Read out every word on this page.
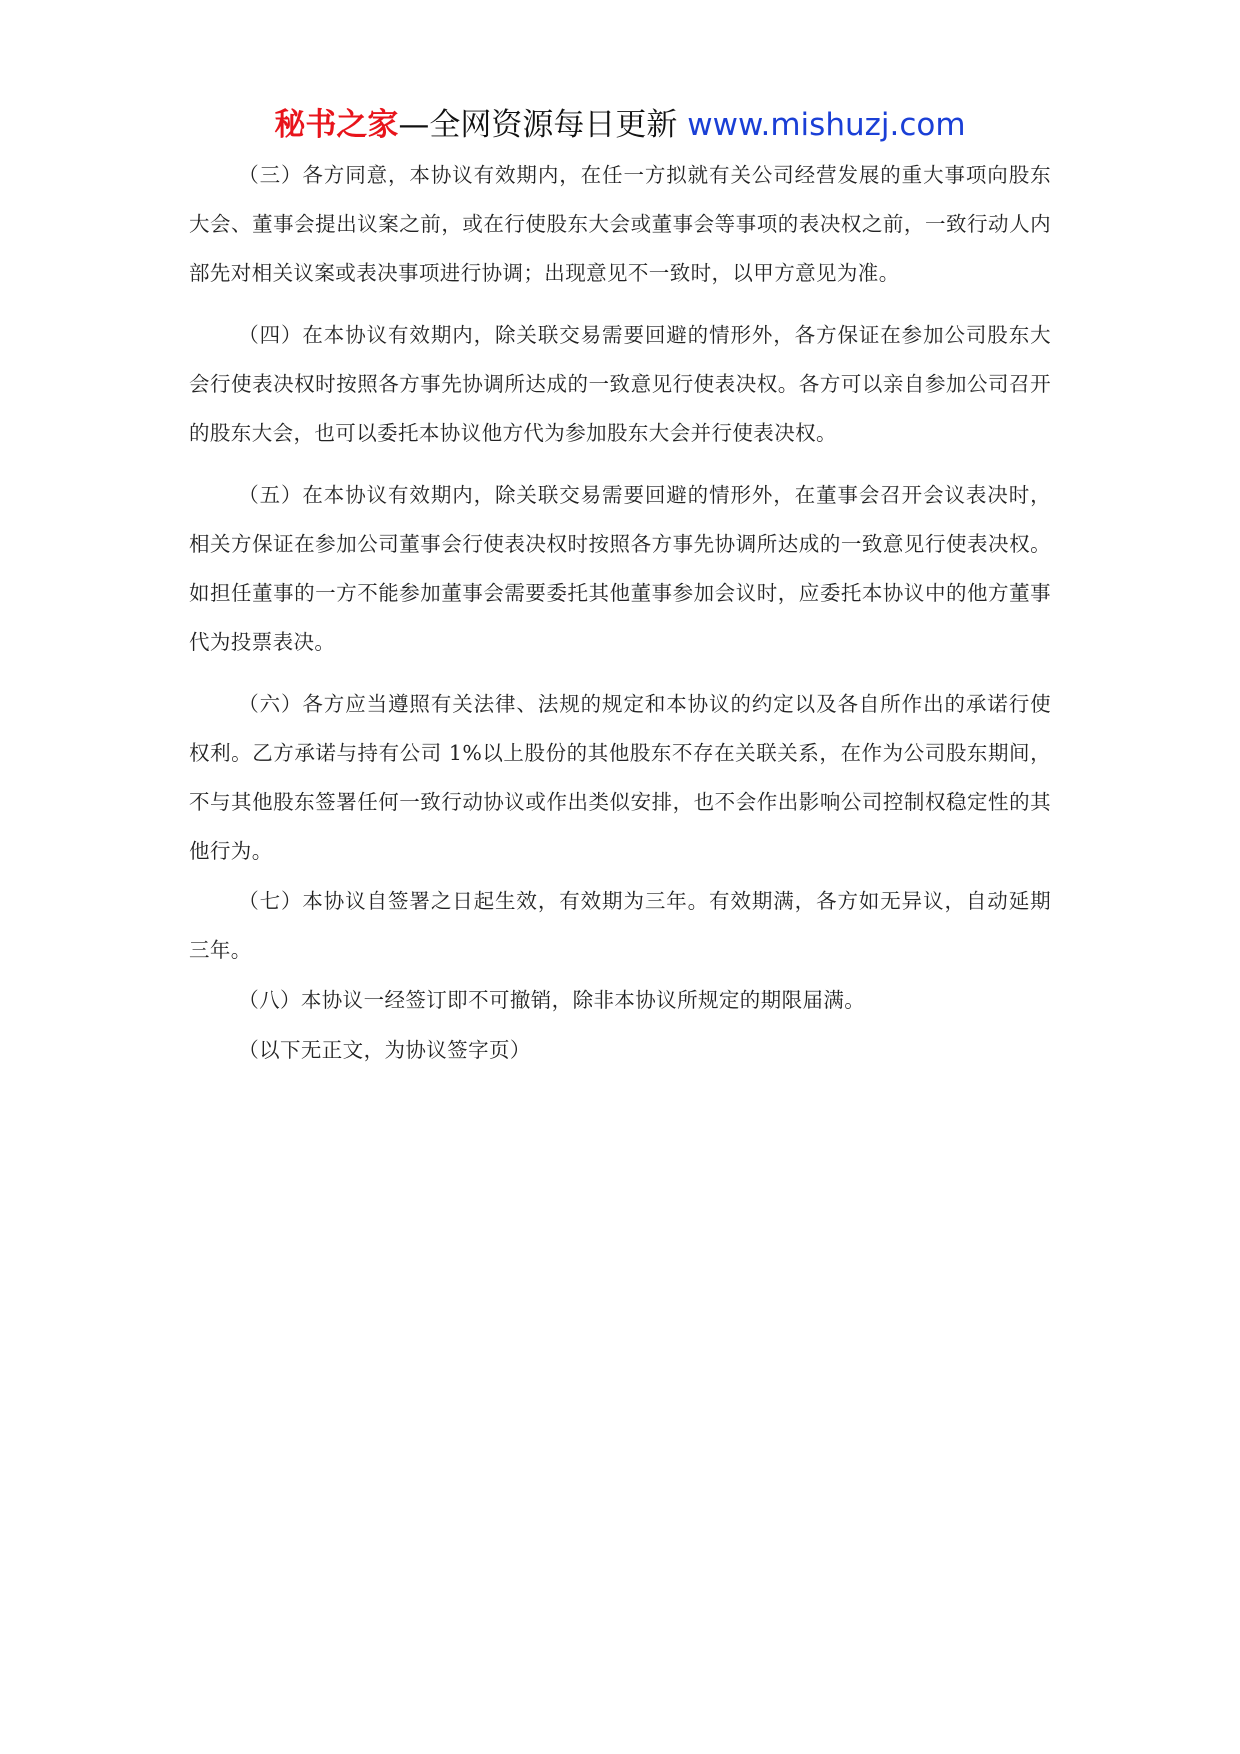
秘书之家—全网资源每日更新 www.mishuzj.com

（三）各方同意，本协议有效期内，在任一方拟就有关公司经营发展的重大事项向股东大会、董事会提出议案之前，或在行使股东大会或董事会等事项的表决权之前，一致行动人内部先对相关议案或表决事项进行协调；出现意见不一致时，以甲方意见为准。

（四）在本协议有效期内，除关联交易需要回避的情形外，各方保证在参加公司股东大会行使表决权时按照各方事先协调所达成的一致意见行使表决权。各方可以亲自参加公司召开的股东大会，也可以委托本协议他方代为参加股东大会并行使表决权。

（五）在本协议有效期内，除关联交易需要回避的情形外，在董事会召开会议表决时，相关方保证在参加公司董事会行使表决权时按照各方事先协调所达成的一致意见行使表决权。如担任董事的一方不能参加董事会需要委托其他董事参加会议时，应委托本协议中的他方董事代为投票表决。

（六）各方应当遵照有关法律、法规的规定和本协议的约定以及各自所作出的承诺行使权利。乙方承诺与持有公司 1%以上股份的其他股东不存在关联关系，在作为公司股东期间，不与其他股东签署任何一致行动协议或作出类似安排，也不会作出影响公司控制权稳定性的其他行为。

（七）本协议自签署之日起生效，有效期为三年。有效期满，各方如无异议，自动延期三年。

（八）本协议一经签订即不可撤销，除非本协议所规定的期限届满。

（以下无正文，为协议签字页）
